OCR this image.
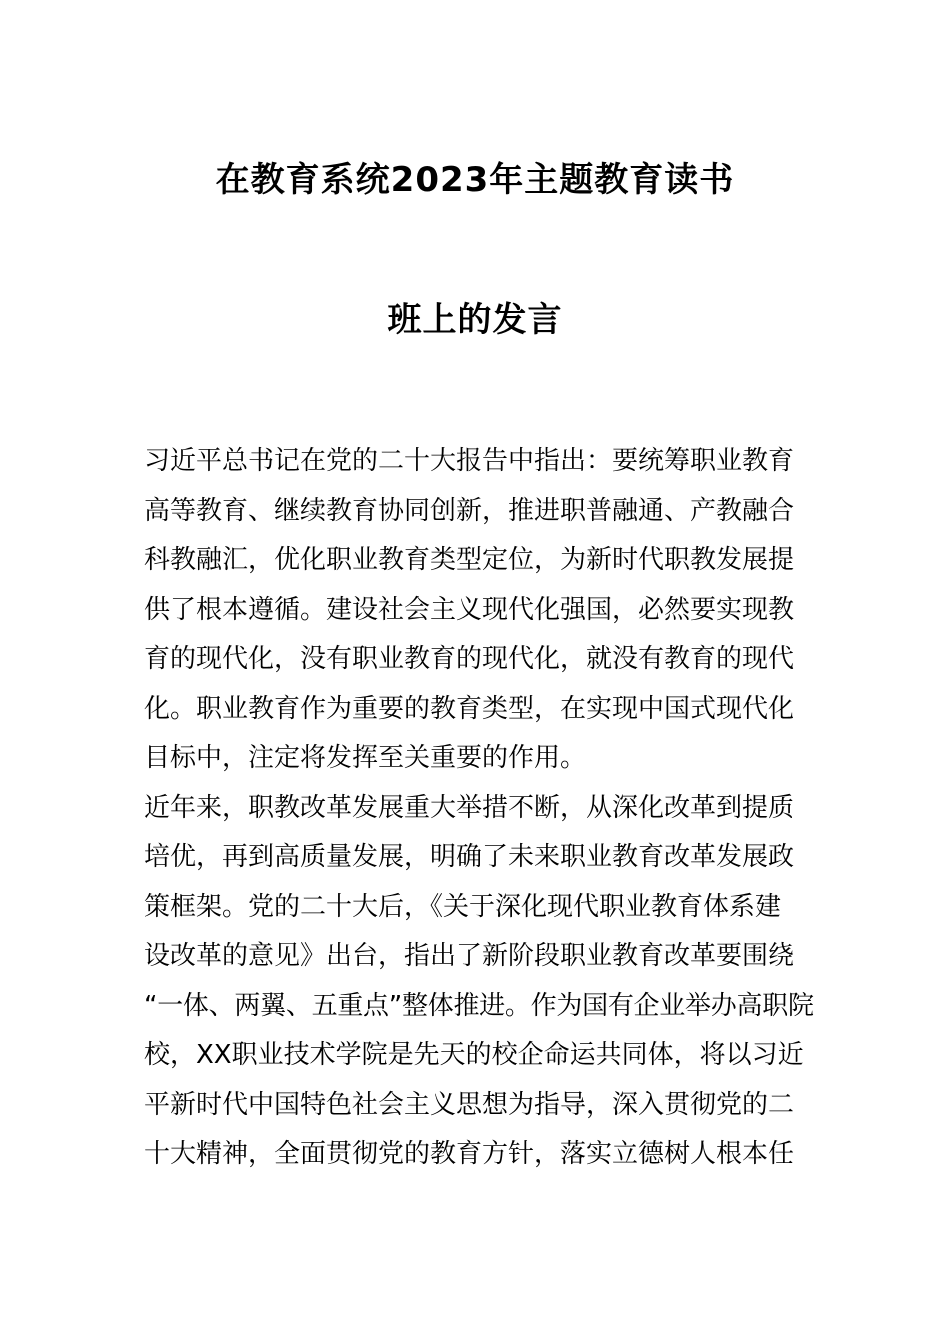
在教育系统2023年主题教育读书
班上的发言
习近平总书记在党的二十大报告中指出：要统筹职业教育
高等教育、继续教育协同创新，推进职普融通、产教融合
科教融汇，优化职业教育类型定位，为新时代职教发展提
供了根本遵循。建设社会主义现代化强国，必然要实现教
育的现代化，没有职业教育的现代化，就没有教育的现代
化。职业教育作为重要的教育类型，在实现中国式现代化
目标中，注定将发挥至关重要的作用。
近年来，职教改革发展重大举措不断，从深化改革到提质
培优，再到高质量发展，明确了未来职业教育改革发展政
策框架。党的二十大后，《关于深化现代职业教育体系建
设改革的意见》出台，指出了新阶段职业教育改革要围绕
“一体、两翼、五重点”整体推进。作为国有企业举办高职院
校，XX职业技术学院是先天的校企命运共同体，将以习近
平新时代中国特色社会主义思想为指导，深入贯彻党的二
十大精神，全面贯彻党的教育方针，落实立德树人根本任
